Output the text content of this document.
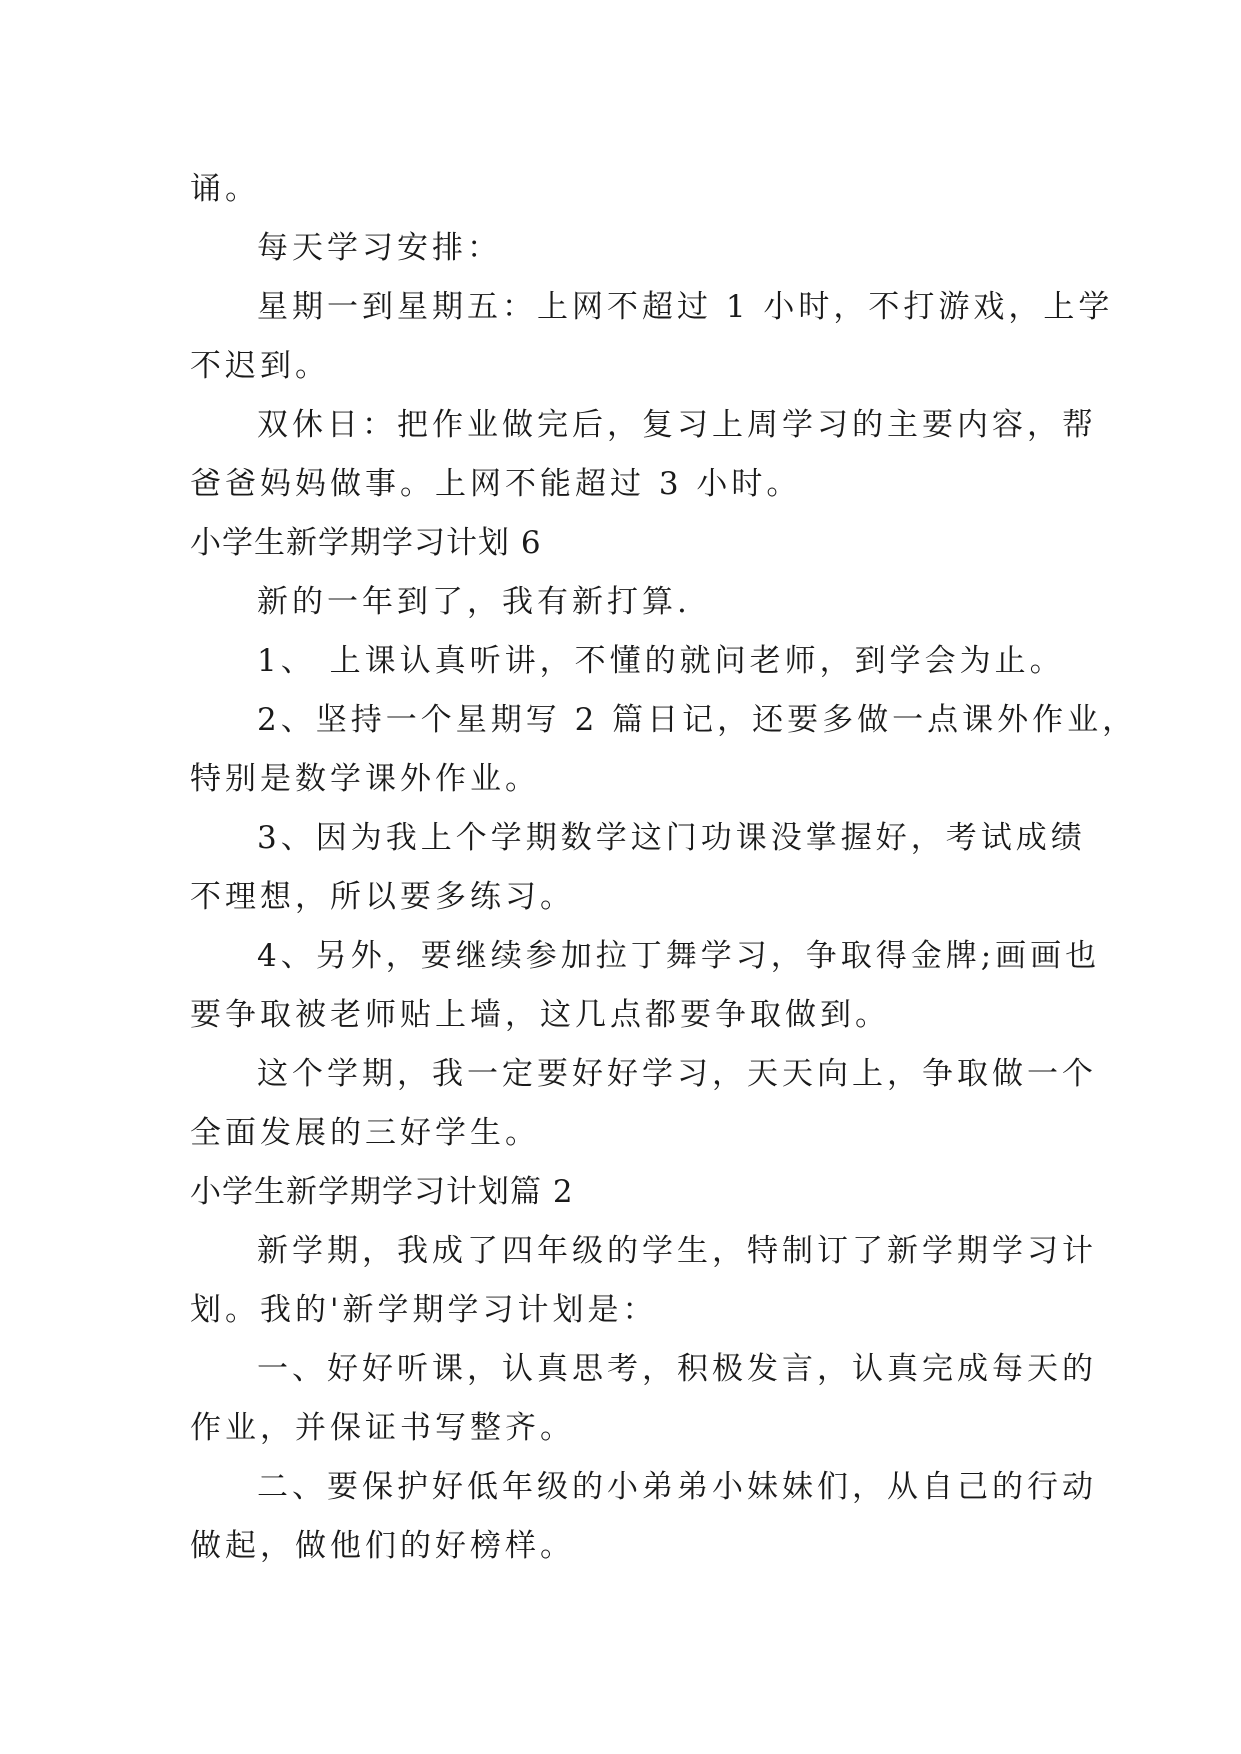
诵。
每天学习安排：
星期一到星期五：上网不超过 1 小时，不打游戏，上学
不迟到。
双休日：把作业做完后，复习上周学习的主要内容，帮
爸爸妈妈做事。上网不能超过 3 小时。
小学生新学期学习计划 6
新的一年到了，我有新打算.
1、 上课认真听讲，不懂的就问老师，到学会为止。
2、坚持一个星期写 2 篇日记，还要多做一点课外作业，
特别是数学课外作业。
3、因为我上个学期数学这门功课没掌握好，考试成绩
不理想，所以要多练习。
4、另外，要继续参加拉丁舞学习，争取得金牌;画画也
要争取被老师贴上墙，这几点都要争取做到。
这个学期，我一定要好好学习，天天向上，争取做一个
全面发展的三好学生。
小学生新学期学习计划篇 2
新学期，我成了四年级的学生，特制订了新学期学习计
划。我的'新学期学习计划是：
一、好好听课，认真思考，积极发言，认真完成每天的
作业，并保证书写整齐。
二、要保护好低年级的小弟弟小妹妹们，从自己的行动
做起，做他们的好榜样。
